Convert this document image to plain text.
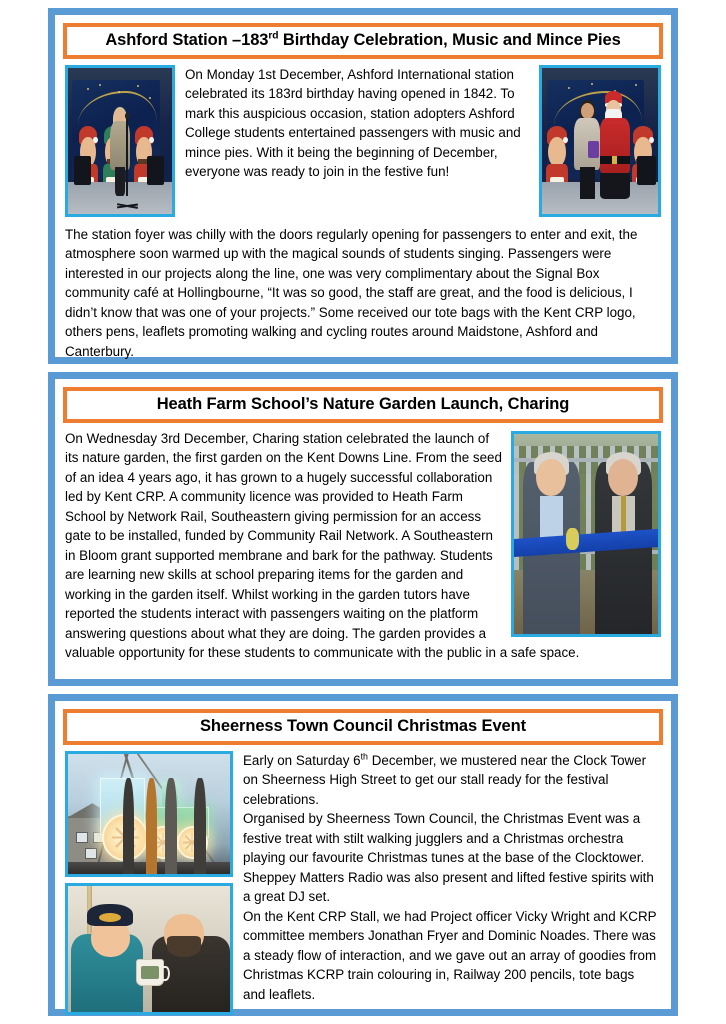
Ashford Station –183rd Birthday Celebration, Music and Mince Pies

On Monday 1st December, Ashford International station celebrated its 183rd birthday having opened in 1842. To mark this auspicious occasion, station adopters Ashford College students entertained passengers with music and mince pies. With it being the beginning of December, everyone was ready to join in the festive fun!

The station foyer was chilly with the doors regularly opening for passengers to enter and exit, the atmosphere soon warmed up with the magical sounds of students singing. Passengers were interested in our projects along the line, one was very complimentary about the Signal Box community café at Hollingbourne, “It was so good, the staff are great, and the food is delicious, I didn’t know that was one of your projects.” Some received our tote bags with the Kent CRP logo, others pens, leaflets promoting walking and cycling routes around Maidstone, Ashford and Canterbury.

Heath Farm School’s Nature Garden Launch, Charing

On Wednesday 3rd December, Charing station celebrated the launch of its nature garden, the first garden on the Kent Downs Line. From the seed of an idea 4 years ago, it has grown to a hugely successful collaboration led by Kent CRP. A community licence was provided to Heath Farm School by Network Rail, Southeastern giving permission for an access gate to be installed, funded by Community Rail Network. A Southeastern in Bloom grant supported membrane and bark for the pathway. Students are learning new skills at school preparing items for the garden and working in the garden itself. Whilst working in the garden tutors have reported the students interact with passengers waiting on the platform answering questions about what they are doing. The garden provides a valuable opportunity for these students to communicate with the public in a safe space.

Sheerness Town Council Christmas Event

Early on Saturday 6th December, we mustered near the Clock Tower on Sheerness High Street to get our stall ready for the festival celebrations.

Organised by Sheerness Town Council, the Christmas Event was a festive treat with stilt walking jugglers and a Christmas orchestra playing our favourite Christmas tunes at the base of the Clocktower. Sheppey Matters Radio was also present and lifted festive spirits with a great DJ set.

On the Kent CRP Stall, we had Project officer Vicky Wright and KCRP committee members Jonathan Fryer and Dominic Noades. There was a steady flow of interaction, and we gave out an array of goodies from Christmas KCRP train colouring in, Railway 200 pencils, tote bags and leaflets.
